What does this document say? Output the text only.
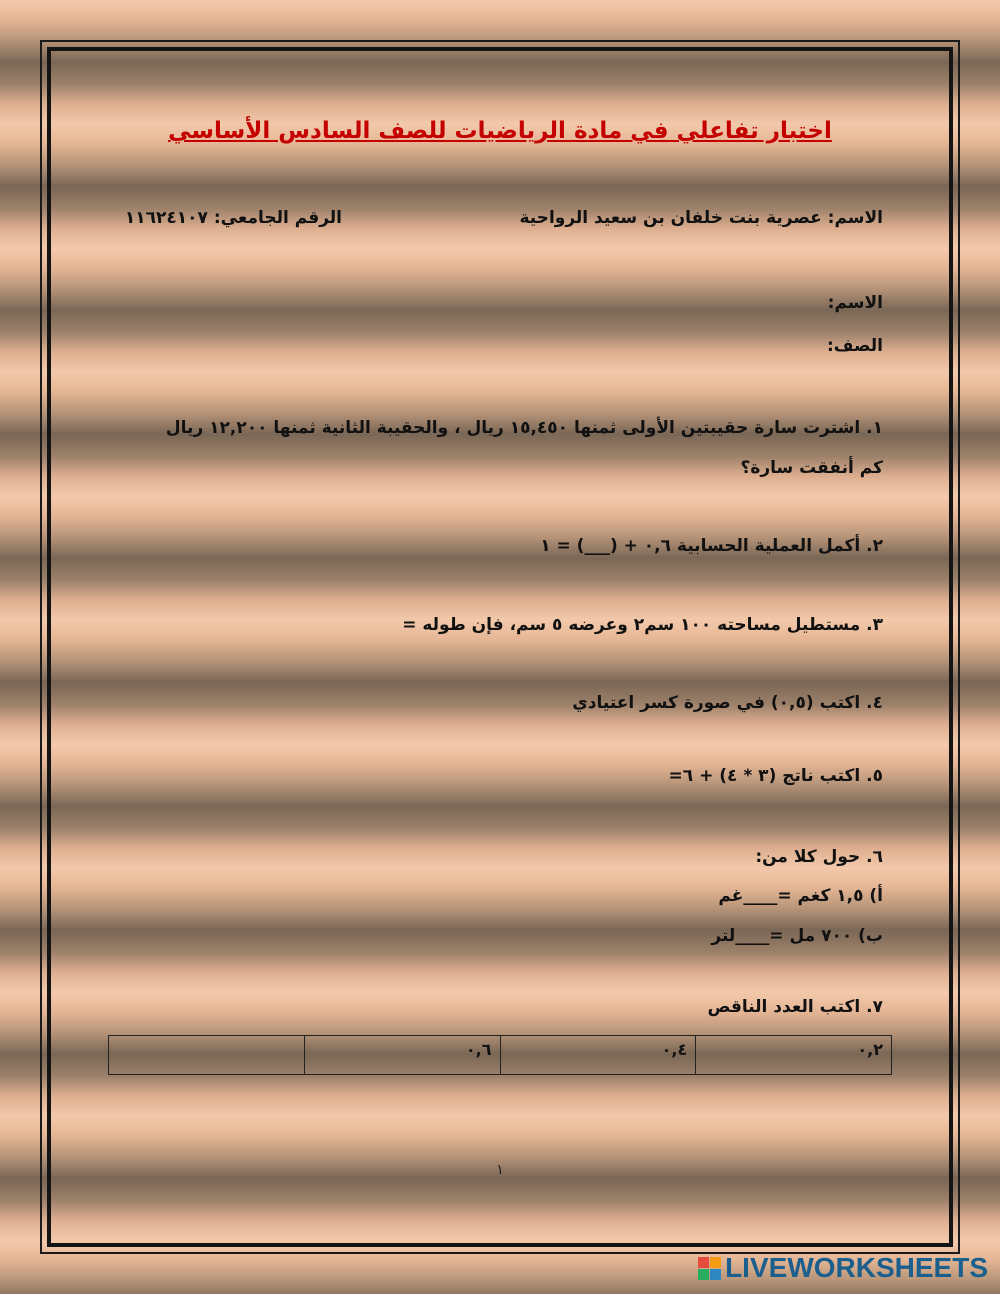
اختبار تفاعلي في مادة الرياضيات للصف السادس الأساسي
الاسم: عصرية بنت خلفان بن سعيد الرواحية
الرقم الجامعي: ١١٦٢٤١٠٧
الاسم:
الصف:
١. اشترت سارة حقيبتين الأولى ثمنها ١٥,٤٥٠ ريال ، والحقيبة الثانية ثمنها ١٢,٢٠٠ ريال
كم أنفقت سارة؟
٢. أكمل العملية الحسابية ٠,٦ + (___) = ١
٣. مستطيل مساحته ١٠٠ سم٢ وعرضه ٥ سم، فإن طوله =
٤. اكتب (٠,٥) في صورة كسر اعتيادي
٥. اكتب ناتج (٣ * ٤) + ٦=
٦. حول كلا من:
أ) ١,٥ كغم =____غم
ب) ٧٠٠ مل =____لتر
٧. اكتب العدد الناقص
٠,٢
٠,٤
٠,٦
١
LIVEWORKSHEETS
